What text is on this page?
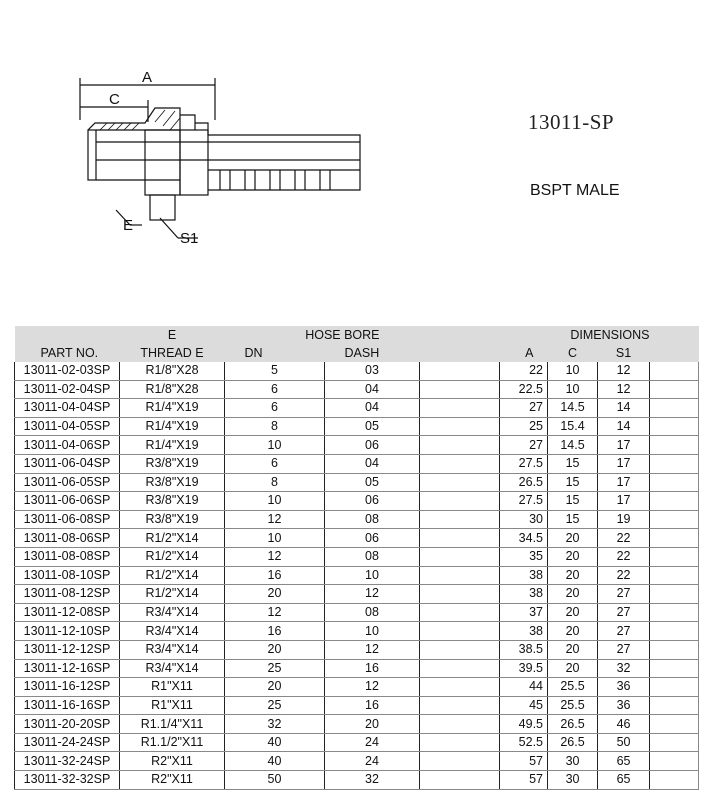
A
C
E
S1
13011-SP
BSPT MALE
		E	HOSE BORE			DIMENSIONS			
PART NO.		THREAD E	DN	DASH		A	C	S1	
13011-02-03SP		R1/8"X28	5	03		22	10	12	
13011-02-04SP		R1/8"X28	6	04		22.5	10	12	
13011-04-04SP		R1/4"X19	6	04		27	14.5	14	
13011-04-05SP		R1/4"X19	8	05		25	15.4	14	
13011-04-06SP		R1/4"X19	10	06		27	14.5	17	
13011-06-04SP		R3/8"X19	6	04		27.5	15	17	
13011-06-05SP		R3/8"X19	8	05		26.5	15	17	
13011-06-06SP		R3/8"X19	10	06		27.5	15	17	
13011-06-08SP		R3/8"X19	12	08		30	15	19	
13011-08-06SP		R1/2"X14	10	06		34.5	20	22	
13011-08-08SP		R1/2"X14	12	08		35	20	22	
13011-08-10SP		R1/2"X14	16	10		38	20	22	
13011-08-12SP		R1/2"X14	20	12		38	20	27	
13011-12-08SP		R3/4"X14	12	08		37	20	27	
13011-12-10SP		R3/4"X14	16	10		38	20	27	
13011-12-12SP		R3/4"X14	20	12		38.5	20	27	
13011-12-16SP		R3/4"X14	25	16		39.5	20	32	
13011-16-12SP		R1"X11	20	12		44	25.5	36	
13011-16-16SP		R1"X11	25	16		45	25.5	36	
13011-20-20SP		R1.1/4"X11	32	20		49.5	26.5	46	
13011-24-24SP		R1.1/2"X11	40	24		52.5	26.5	50	
13011-32-24SP		R2"X11	40	24		57	30	65	
13011-32-32SP		R2"X11	50	32		57	30	65	
